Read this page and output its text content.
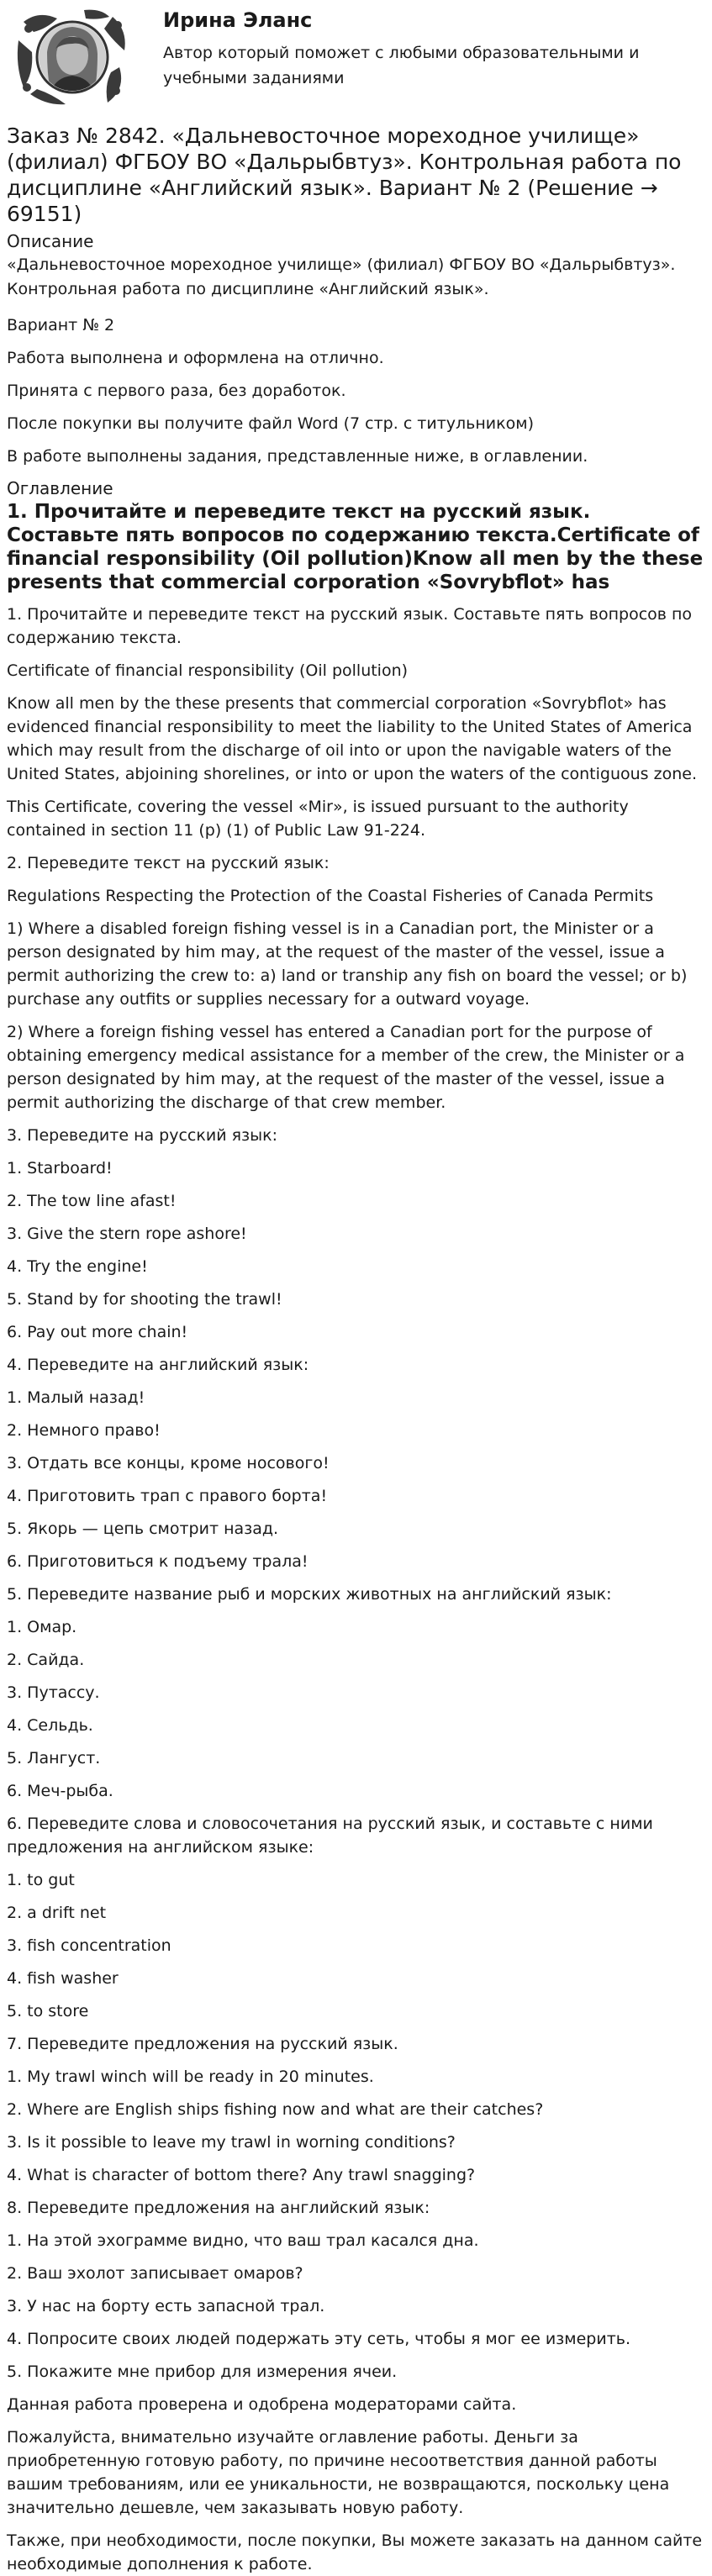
Ирина Эланс

Автор который поможет с любыми образовательными и учебными заданиями

Заказ № 2842. «Дальневосточное мореходное училище» (филиал) ФГБОУ ВО «Дальрыбвтуз». Контрольная работа по дисциплине «Английский язык». Вариант № 2 (Решение → 69151)

Описание

«Дальневосточное мореходное училище» (филиал) ФГБОУ ВО «Дальрыбвтуз». Контрольная работа по дисциплине «Английский язык».

Вариант № 2

Работа выполнена и оформлена на отлично.

Принята с первого раза, без доработок.

После покупки вы получите файл Word (7 стр. с титульником)

В работе выполнены задания, представленные ниже, в оглавлении.

Оглавление

1. Прочитайте и переведите текст на русский язык. Составьте пять вопросов по содержанию текста.Certificate of financial responsibility (Oil pollution)Know all men by the these presents that commercial corporation «Sovrybflot» has

1. Прочитайте и переведите текст на русский язык. Составьте пять вопросов по содержанию текста.

Certificate of financial responsibility (Oil pollution)

Know all men by the these presents that commercial corporation «Sovrybflot» has evidenced financial responsibility to meet the liability to the United States of America which may result from the discharge of oil into or upon the navigable waters of the United States, abjoining shorelines, or into or upon the waters of the contiguous zone.

This Certificate, covering the vessel «Mir», is issued pursuant to the authority contained in section 11 (p) (1) of Public Law 91-224.

2. Переведите текст на русский язык:

Regulations Respecting the Protection of the Coastal Fisheries of Canada Permits

1) Where a disabled foreign fishing vessel is in a Canadian port, the Minister or a person designated by him may, at the request of the master of the vessel, issue a permit authorizing the crew to: a) land or tranship any fish on board the vessel; or b) purchase any outfits or supplies necessary for a outward voyage.

2) Where a foreign fishing vessel has entered a Canadian port for the purpose of obtaining emergency medical assistance for a member of the crew, the Minister or a person designated by him may, at the request of the master of the vessel, issue a permit authorizing the discharge of that crew member.

3. Переведите на русский язык:

1. Starboard!

2. The tow line afast!

3. Give the stern rope ashore!

4. Try the engine!

5. Stand by for shooting the trawl!

6. Pay out more chain!

4. Переведите на английский язык:

1. Малый назад!

2. Немного право!

3. Отдать все концы, кроме носового!

4. Приготовить трап с правого борта!

5. Якорь — цепь смотрит назад.

6. Приготовиться к подъему трала!

5. Переведите название рыб и морских животных на английский язык:

1. Омар.

2. Сайда.

3. Путассу.

4. Сельдь.

5. Лангуст.

6. Меч-рыба.

6. Переведите слова и словосочетания на русский язык, и составьте с ними предложения на английском языке:

1. to gut

2. a drift net

3. fish concentration

4. fish washer

5. to store

7. Переведите предложения на русский язык.

1. My trawl winch will be ready in 20 minutes.

2. Where are English ships fishing now and what are their catches?

3. Is it possible to leave my trawl in worning conditions?

4. What is character of bottom there? Any trawl snagging?

8. Переведите предложения на английский язык:

1. На этой эхограмме видно, что ваш трал касался дна.

2. Ваш эхолот записывает омаров?

3. У нас на борту есть запасной трал.

4. Попросите своих людей подержать эту сеть, чтобы я мог ее измерить.

5. Покажите мне прибор для измерения ячеи.

Данная работа проверена и одобрена модераторами сайта.

Пожалуйста, внимательно изучайте оглавление работы. Деньги за приобретенную готовую работу, по причине несоответствия данной работы вашим требованиям, или ее уникальности, не возвращаются, поскольку цена значительно дешевле, чем заказывать новую работу.

Также, при необходимости, после покупки, Вы можете заказать на данном сайте необходимые дополнения к работе.
